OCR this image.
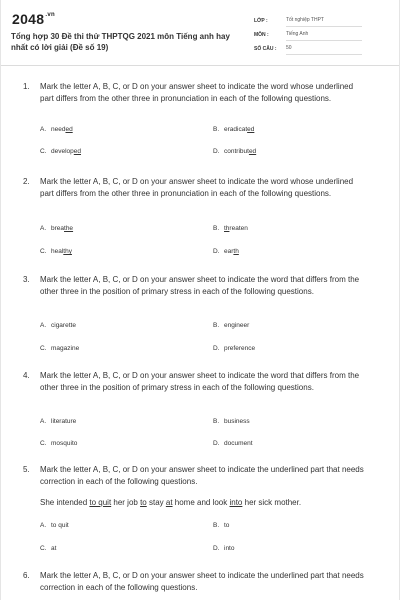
$2048^{.vn}$
Tổng hợp 30 Đề thi thử THPTQG 2021 môn Tiếng anh hay nhất có lời giải (Đề số 19)
LỚP :	Tốt nghiệp THPT
MÔN :	Tiếng Anh
SỐ CÂU : 50
1. Mark the letter A, B, C, or D on your answer sheet to indicate the word whose underlined part differs from the other three in pronunciation in each of the following questions.
A. needed	B. eradicated
C. developed	D. contributed
2. Mark the letter A, B, C, or D on your answer sheet to indicate the word whose underlined part differs from the other three in pronunciation in each of the following questions.
A. breathe	B. threaten
C. healthy	D. earth
3. Mark the letter A, B, C, or D on your answer sheet to indicate the word that differs from the other three in the position of primary stress in each of the following questions.
A. cigarette	B. engineer
C. magazine	D. preference
4. Mark the letter A, B, C, or D on your answer sheet to indicate the word that differs from the other three in the position of primary stress in each of the following questions.
A. literature	B. business
C. mosquito	D. document
5. Mark the letter A, B, C, or D on your answer sheet to indicate the underlined part that needs correction in each of the following questions.
She intended to quit her job to stay at home and look into her sick mother.
A. to quit	B. to
C. at	D. into
6. Mark the letter A, B, C, or D on your answer sheet to indicate the underlined part that needs correction in each of the following questions.
